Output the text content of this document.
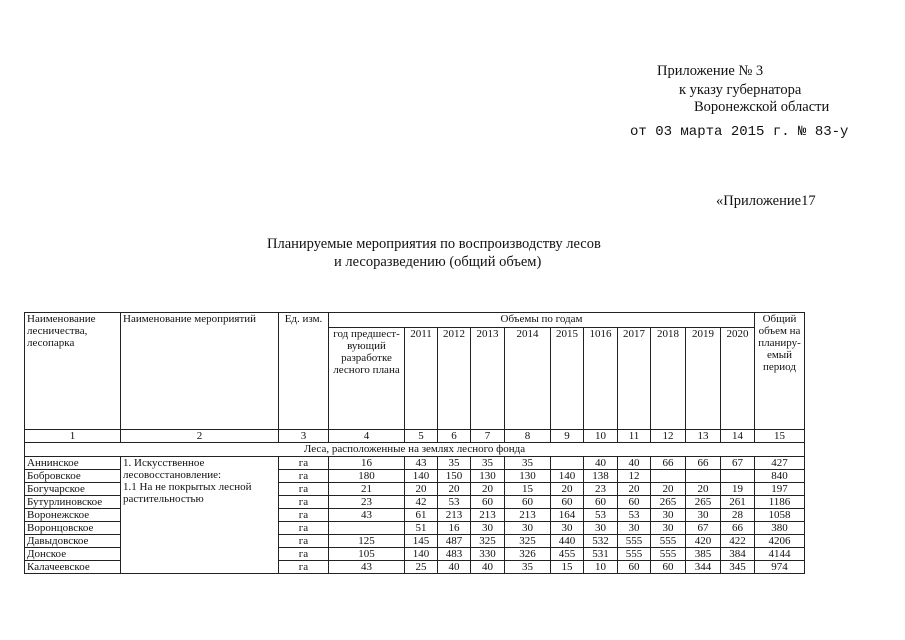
Приложение № 3
к указу губернатора
Воронежской области
от 03 марта 2015 г. № 83-у
«Приложение17
Планируемые мероприятия по воспроизводству лесов
и лесоразведению (общий объем)
Наименование лесничества, лесопарка	Наименование мероприятий	Ед. изм.	Объемы по годам											Общий объем на планиру-емый период
			год предшест-вующий разработке лесного плана	2011	2012	2013	2014	2015	1016	2017	2018	2019	2020	
1	2	3	4	5	6	7	8	9	10	11	12	13	14	15
Леса, расположенные на землях лесного фонда														
Аннинское	1. Искусственное
лесовосстановление:
1.1 На не покрытых лесной
растительностью	га	16	43	35	35	35		40	40	66	66	67	427
Бобровское		га	180	140	150	130	130	140	138	12				840
Богучарское		га	21	20	20	20	15	20	23	20	20	20	19	197
Бутурлиновское		га	23	42	53	60	60	60	60	60	265	265	261	1186
Воронежское		га	43	61	213	213	213	164	53	53	30	30	28	1058
Воронцовское		га		51	16	30	30	30	30	30	30	67	66	380
Давыдовское		га	125	145	487	325	325	440	532	555	555	420	422	4206
Донское		га	105	140	483	330	326	455	531	555	555	385	384	4144
Калачеевское		га	43	25	40	40	35	15	10	60	60	344	345	974
